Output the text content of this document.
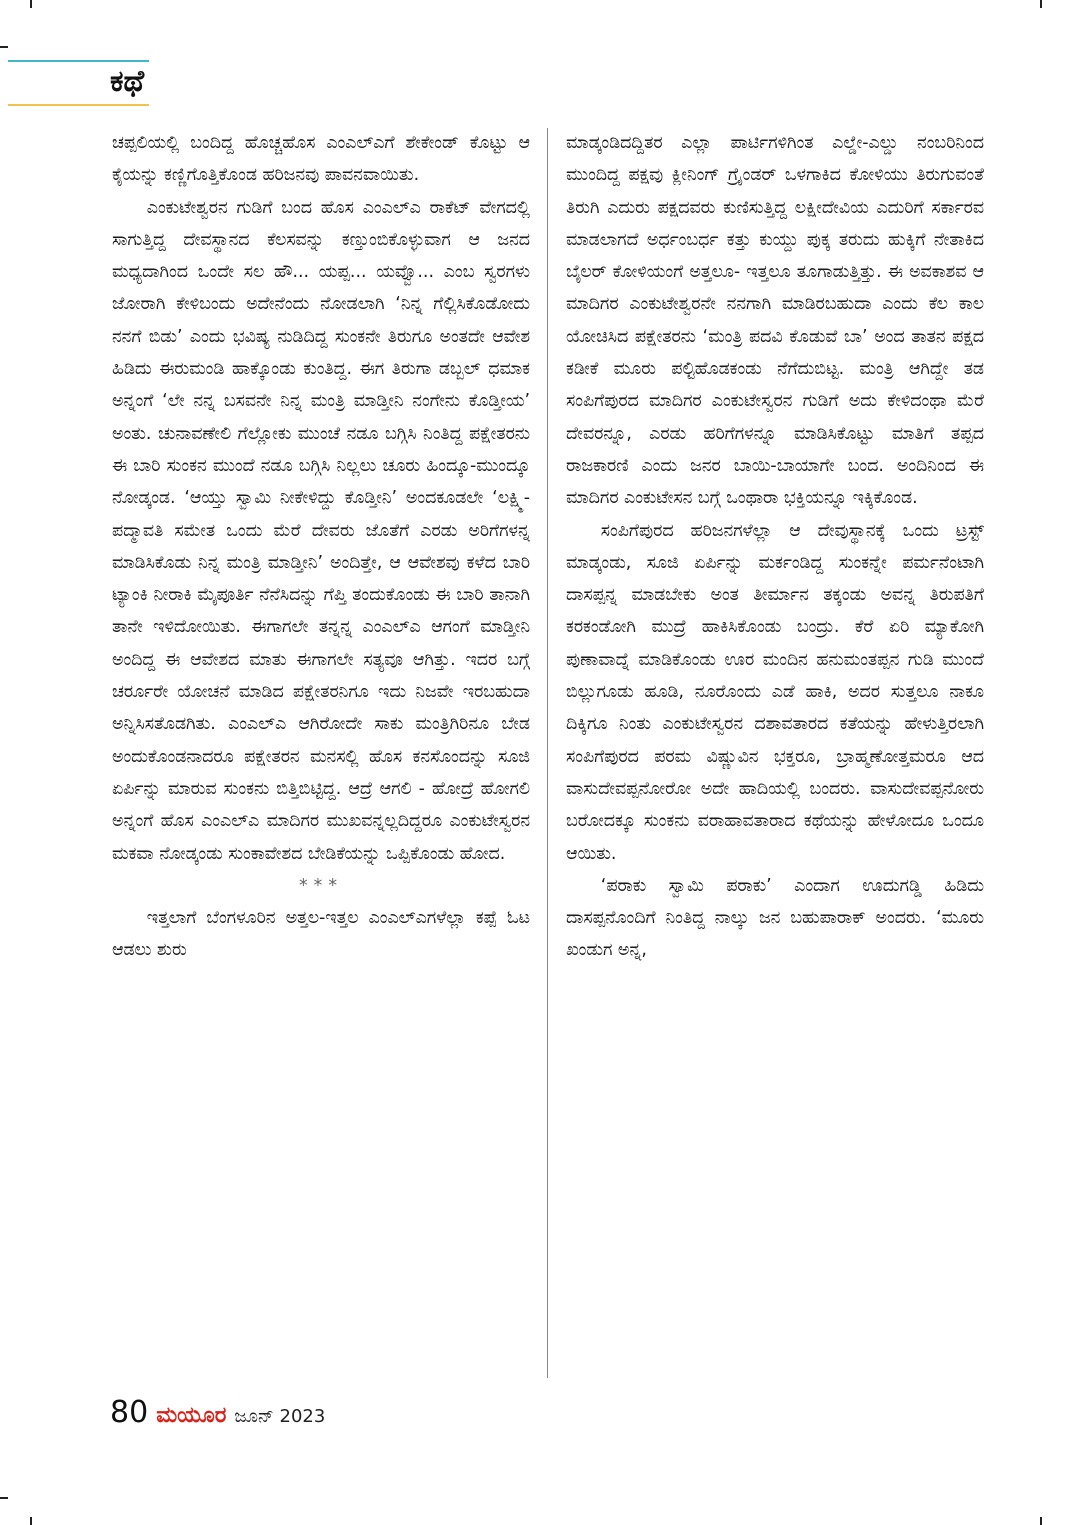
ಕಥೆ

ಚಪ್ಪಲಿಯಲ್ಲಿ ಬಂದಿದ್ದ ಹೊಚ್ಚಹೊಸ ಎಂಎಲ್ಎಗೆ ಶೇಕೇಂಡ್ ಕೊಟ್ಟು ಆ ಕೈಯನ್ನು ಕಣ್ಣಿಗೊತ್ತಿಕೊಂಡ ಹರಿಜನವು ಪಾವನವಾಯಿತು.

ಎಂಕುಟೇಶ್ವರನ ಗುಡಿಗೆ ಬಂದ ಹೊಸ ಎಂಎಲ್ಎ ರಾಕೆಟ್ ವೇಗದಲ್ಲಿ ಸಾಗುತ್ತಿದ್ದ ದೇವಸ್ಥಾನದ ಕೆಲಸವನ್ನು ಕಣ್ತುಂಬಿಕೊಳ್ಳುವಾಗ ಆ ಜನದ ಮಧ್ಯದಾಗಿಂದ ಒಂದೇ ಸಲ ಹೌ... ಯಪ್ಪ... ಯವ್ವೊ... ಎಂಬ ಸ್ವರಗಳು ಜೋರಾಗಿ ಕೇಳಿಬಂದು ಅದೇನೆಂದು ನೋಡಲಾಗಿ ‘ನಿನ್ನ ಗೆಲ್ಲಿಸಿಕೊಡೋದು ನನಗೆ ಬಿಡು’ ಎಂದು ಭವಿಷ್ಯ ನುಡಿದಿದ್ದ ಸುಂಕನೇ ತಿರುಗೂ ಅಂತದೇ ಆವೇಶ ಹಿಡಿದು ಈರುಮಂಡಿ ಹಾಕ್ಕೊಂಡು ಕುಂತಿದ್ದ. ಈಗ ತಿರುಗಾ ಡಬ್ಬಲ್ ಧಮಾಕ ಅನ್ನಂಗೆ ‘ಲೇ ನನ್ನ ಬಸವನೇ ನಿನ್ನ ಮಂತ್ರಿ ಮಾಡ್ತೀನಿ ನಂಗೇನು ಕೊಡ್ತೀಯ’ ಅಂತು. ಚುನಾವಣೇಲಿ ಗೆಲ್ಲೋಕು ಮುಂಚೆ ನಡೂ ಬಗ್ಗಿಸಿ ನಿಂತಿದ್ದ ಪಕ್ಷೇತರನು ಈ ಬಾರಿ ಸುಂಕನ ಮುಂದೆ ನಡೂ ಬಗ್ಗಿಸಿ ನಿಲ್ಲಲು ಚೂರು ಹಿಂದ್ಕೂ-ಮುಂದ್ಕೂ ನೋಡ್ಕಂಡ. ‘ಆಯ್ತು ಸ್ವಾಮಿ ನೀಕೇಳಿದ್ದು ಕೊಡ್ತೀನಿ’ ಅಂದಕೂಡಲೇ ‘ಲಕ್ಷ್ಮಿ-ಪದ್ಮಾವತಿ ಸಮೇತ ಒಂದು ಮೆರೆ ದೇವರು ಜೊತೆಗೆ ಎರಡು ಅರಿಗೆಗಳನ್ನ ಮಾಡಿಸಿಕೊಡು ನಿನ್ನ ಮಂತ್ರಿ ಮಾಡ್ತೀನಿ’ ಅಂದಿತ್ತೇ, ಆ ಆವೇಶವು ಕಳೆದ ಬಾರಿ ಟ್ಯಾಂಕಿ ನೀರಾಕಿ ಮೈಪೂರ್ತಿ ನೆನೆಸಿದನ್ನು ಗೆಪ್ತಿ ತಂದುಕೊಂಡು ಈ ಬಾರಿ ತಾನಾಗಿ ತಾನೇ ಇಳಿದೋಯಿತು. ಈಗಾಗಲೇ ತನ್ನನ್ನ ಎಂಎಲ್ಎ ಆಗಂಗೆ ಮಾಡ್ತೀನಿ ಅಂದಿದ್ದ ಈ ಆವೇಶದ ಮಾತು ಈಗಾಗಲೇ ಸತ್ಯವೂ ಆಗಿತ್ತು. ಇದರ ಬಗ್ಗೆ ಚರ್ರೂರೇ ಯೋಚನೆ ಮಾಡಿದ ಪಕ್ಷೇತರನಿಗೂ ಇದು ನಿಜವೇ ಇರಬಹುದಾ ಅನ್ನಿಸಿಸತೊಡಗಿತು. ಎಂಎಲ್ಎ ಆಗಿರೋದೇ ಸಾಕು ಮಂತ್ರಿಗಿರಿನೂ ಬೇಡ ಅಂದುಕೊಂಡನಾದರೂ ಪಕ್ಷೇತರನ ಮನಸಲ್ಲಿ ಹೊಸ ಕನಸೊಂದನ್ನು ಸೂಜಿ ಏರ್ಪಿನ್ನು ಮಾರುವ ಸುಂಕನು ಬಿತ್ತಿಬಿಟ್ಟಿದ್ದ. ಆದ್ರೆ ಆಗಲಿ - ಹೋದ್ರೆ ಹೋಗಲಿ ಅನ್ನಂಗೆ ಹೊಸ ಎಂಎಲ್ಎ ಮಾದಿಗರ ಮುಖವನ್ನಲ್ಲದಿದ್ದರೂ ಎಂಕುಟೇಸ್ವರನ ಮಕವಾ ನೋಡ್ಕಂಡು ಸುಂಕಾವೇಶದ ಬೇಡಿಕೆಯನ್ನು ಒಪ್ಪಿಕೊಂಡು ಹೋದ.

***

ಇತ್ತಲಾಗೆ ಬೆಂಗಳೂರಿನ ಅತ್ತಲ-ಇತ್ತಲ ಎಂಎಲ್ಎಗಳೆಲ್ಲಾ ಕಪ್ಪೆ ಓಟ ಆಡಲು ಶುರು

ಮಾಡ್ಕಂಡಿದದ್ದಿತರ ಎಲ್ಲಾ ಪಾರ್ಟಿಗಳಿಗಿಂತ ಎಲ್ಡೇ-ಎಲ್ಡು ನಂಬರಿನಿಂದ ಮುಂದಿದ್ದ ಪಕ್ಷವು ಕ್ಲೀನಿಂಗ್ ಗ್ರೈಂಡರ್ ಒಳಗಾಕಿದ ಕೋಳಿಯು ತಿರುಗುವಂತೆ ತಿರುಗಿ ಎದುರು ಪಕ್ಷದವರು ಕುಣಿಸುತ್ತಿದ್ದ ಲಕ್ಷೀದೇವಿಯ ಎದುರಿಗೆ ಸರ್ಕಾರವ ಮಾಡಲಾಗದೆ ಅರ್ಧಂಬರ್ಧ ಕತ್ತು ಕುಯ್ದು ಪುಕ್ಕ ತರುದು ಹುಕ್ಕಿಗೆ ನೇತಾಕಿದ ಬೈಲರ್ ಕೋಳಿಯಂಗೆ ಅತ್ತಲೂ- ಇತ್ತಲೂ ತೂಗಾಡುತ್ತಿತ್ತು. ಈ ಅವಕಾಶವ ಆ ಮಾದಿಗರ ಎಂಕುಟೇಶ್ವರನೇ ನನಗಾಗಿ ಮಾಡಿರಬಹುದಾ ಎಂದು ಕೆಲ ಕಾಲ ಯೋಚಿಸಿದ ಪಕ್ಷೇತರನು ‘ಮಂತ್ರಿ ಪದವಿ ಕೊಡುವೆ ಬಾ’ ಅಂದ ತಾತನ ಪಕ್ಷದ ಕಡೀಕೆ ಮೂರು ಪಲ್ಟಿಹೊಡಕಂಡು ನೆಗೆದುಬಿಟ್ಟ. ಮಂತ್ರಿ ಆಗಿದ್ದೇ ತಡ ಸಂಪಿಗೆಪುರದ ಮಾದಿಗರ ಎಂಕುಟೇಸ್ವರನ ಗುಡಿಗೆ ಅದು ಕೇಳಿದಂಥಾ ಮೆರೆ ದೇವರನ್ನೂ, ಎರಡು ಹರಿಗೆಗಳನ್ನೂ ಮಾಡಿಸಿಕೊಟ್ಟು ಮಾತಿಗೆ ತಪ್ಪದ ರಾಜಕಾರಣಿ ಎಂದು ಜನರ ಬಾಯಿ-ಬಾಯಾಗೇ ಬಂದ. ಅಂದಿನಿಂದ ಈ ಮಾದಿಗರ ಎಂಕುಟೇಸನ ಬಗ್ಗೆ ಒಂಥಾರಾ ಭಕ್ತಿಯನ್ನೂ ಇಕ್ಕಿಕೊಂಡ.

ಸಂಪಿಗೆಪುರದ ಹರಿಜನಗಳೆಲ್ಲಾ ಆ ದೇವುಸ್ಥಾನಕ್ಕೆ ಒಂದು ಟ್ರಸ್ಟ್ ಮಾಡ್ಕಂಡು, ಸೂಜಿ ಏರ್ಪಿನ್ನು ಮರ್ಕಂಡಿದ್ದ ಸುಂಕನ್ನೇ ಪರ್ಮನೆಂಟಾಗಿ ದಾಸಪ್ಪನ್ನ ಮಾಡಬೇಕು ಅಂತ ತೀರ್ಮಾನ ತಕ್ಕಂಡು ಅವನ್ನ ತಿರುಪತಿಗೆ ಕರಕಂಡೋಗಿ ಮುದ್ರೆ ಹಾಕಿಸಿಕೊಂಡು ಬಂದ್ರು. ಕೆರೆ ಏರಿ ಮ್ಯಾಕೋಗಿ ಪುಣಾವಾದ್ನೆ ಮಾಡಿಕೊಂಡು ಊರ ಮಂದಿನ ಹನುಮಂತಪ್ಪನ ಗುಡಿ ಮುಂದೆ ಬಿಲ್ಲುಗೂಡು ಹೂಡಿ, ನೂರೊಂದು ಎಡೆ ಹಾಕಿ, ಅದರ ಸುತ್ತಲೂ ನಾಕೂ ದಿಕ್ಕಿಗೂ ನಿಂತು ಎಂಕುಟೇಸ್ವರನ ದಶಾವತಾರದ ಕತೆಯನ್ನು ಹೇಳುತ್ತಿರಲಾಗಿ ಸಂಪಿಗೆಪುರದ ಪರಮ ವಿಷ್ಣುವಿನ ಭಕ್ತರೂ, ಬ್ರಾಹ್ಮಣೋತ್ತಮರೂ ಆದ ವಾಸುದೇವಪ್ಪನೋರೋ ಅದೇ ಹಾದಿಯಲ್ಲಿ ಬಂದರು. ವಾಸುದೇವಪ್ಪನೋರು ಬರೋದಕ್ಕೂ ಸುಂಕನು ವರಾಹಾವತಾರಾದ ಕಥೆಯನ್ನು ಹೇಳೋದೂ ಒಂದೂ ಆಯಿತು.

‘ಪರಾಕು ಸ್ವಾಮಿ ಪರಾಕು’ ಎಂದಾಗ ಊದುಗಡ್ಡಿ ಹಿಡಿದು ದಾಸಪ್ಪನೊಂದಿಗೆ ನಿಂತಿದ್ದ ನಾಲ್ಕು ಜನ ಬಹುಪಾರಾಕ್ ಅಂದರು. ‘ಮೂರು ಖಂಡುಗ ಅನ್ನ,

80 ಮಯೂರ ಜೂನ್ 2023
